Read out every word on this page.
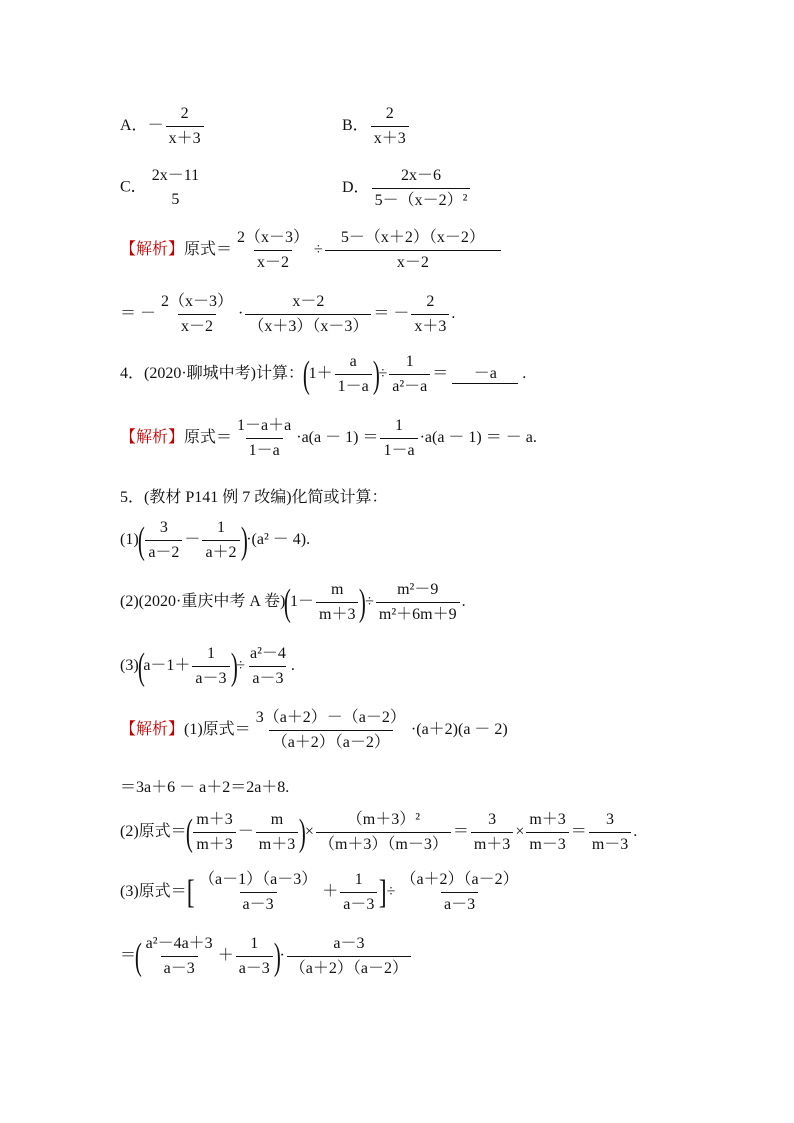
A．－ $\frac{2}{x+3}$	B． $\frac{2}{x+3}$
C．
2x－11
5
D． $\frac{2x-6}{\text{5－（x－2）²}}$
【解析】原式＝ $\frac{2(x-3)}{x-2} \div \frac{5-(x+2)(x-2)}{x-2}$
＝ － $\frac{2(x-3)}{x-2} \cdot \frac{x-2}{(x+3)(x-3)}$ ＝ － $\frac{2}{x+3}$ .
4．(2020·聊城中考)计算：($1+ \frac{a}{1-a}$ )÷ $\frac{1}{\text{a²－a}} = -a$ .
【解析】原式＝ $\frac{1-a+a}{1-a} \cdot a(a - 1) = \frac{1}{1-a} \cdot a(a - 1)$ ＝ － a.
5．(教材 P141 例 7 改编)化简或计算：
$(1)( \frac{3}{a-2} - \frac{1}{a+2} )\cdot(a^2 - 4)$.
(2)(2020·重庆中考 A 卷)($1- \frac{m}{m+3}$ )÷ $\frac{\text{m²－9}}{\text{m²＋6m＋9}}$ .
$(3)(a-1+ \frac{1}{a-3}$ )÷ $\frac{\text{a²－4}}{a-3}$ .
【解析】(1)原式＝ $\frac{3(a+2)-(a-2)}{(a+2)(a-2)} \cdot(a+2)(a - 2)$
＝3a＋6 － a＋2＝2a＋8.
(2)原式＝( $\frac{m+3}{m+3} - \frac{m}{m+3}$ )× $\frac{\text{（m＋3）²}}{(m+3)(m-3)} = \frac{3}{m+3} \times \frac{m+3}{m-3} = \frac{3}{m-3}$ .
(3)原式＝[ $\frac{(a-1)(a-3)}{a-3} + \frac{1}{a-3}$ ]÷ $\frac{(a+2)(a-2)}{a-3}$
＝( $\frac{\text{a²－4a＋3}}{a-3} + \frac{1}{a-3}$ )· $\frac{a-3}{(a+2)(a-2)}$
